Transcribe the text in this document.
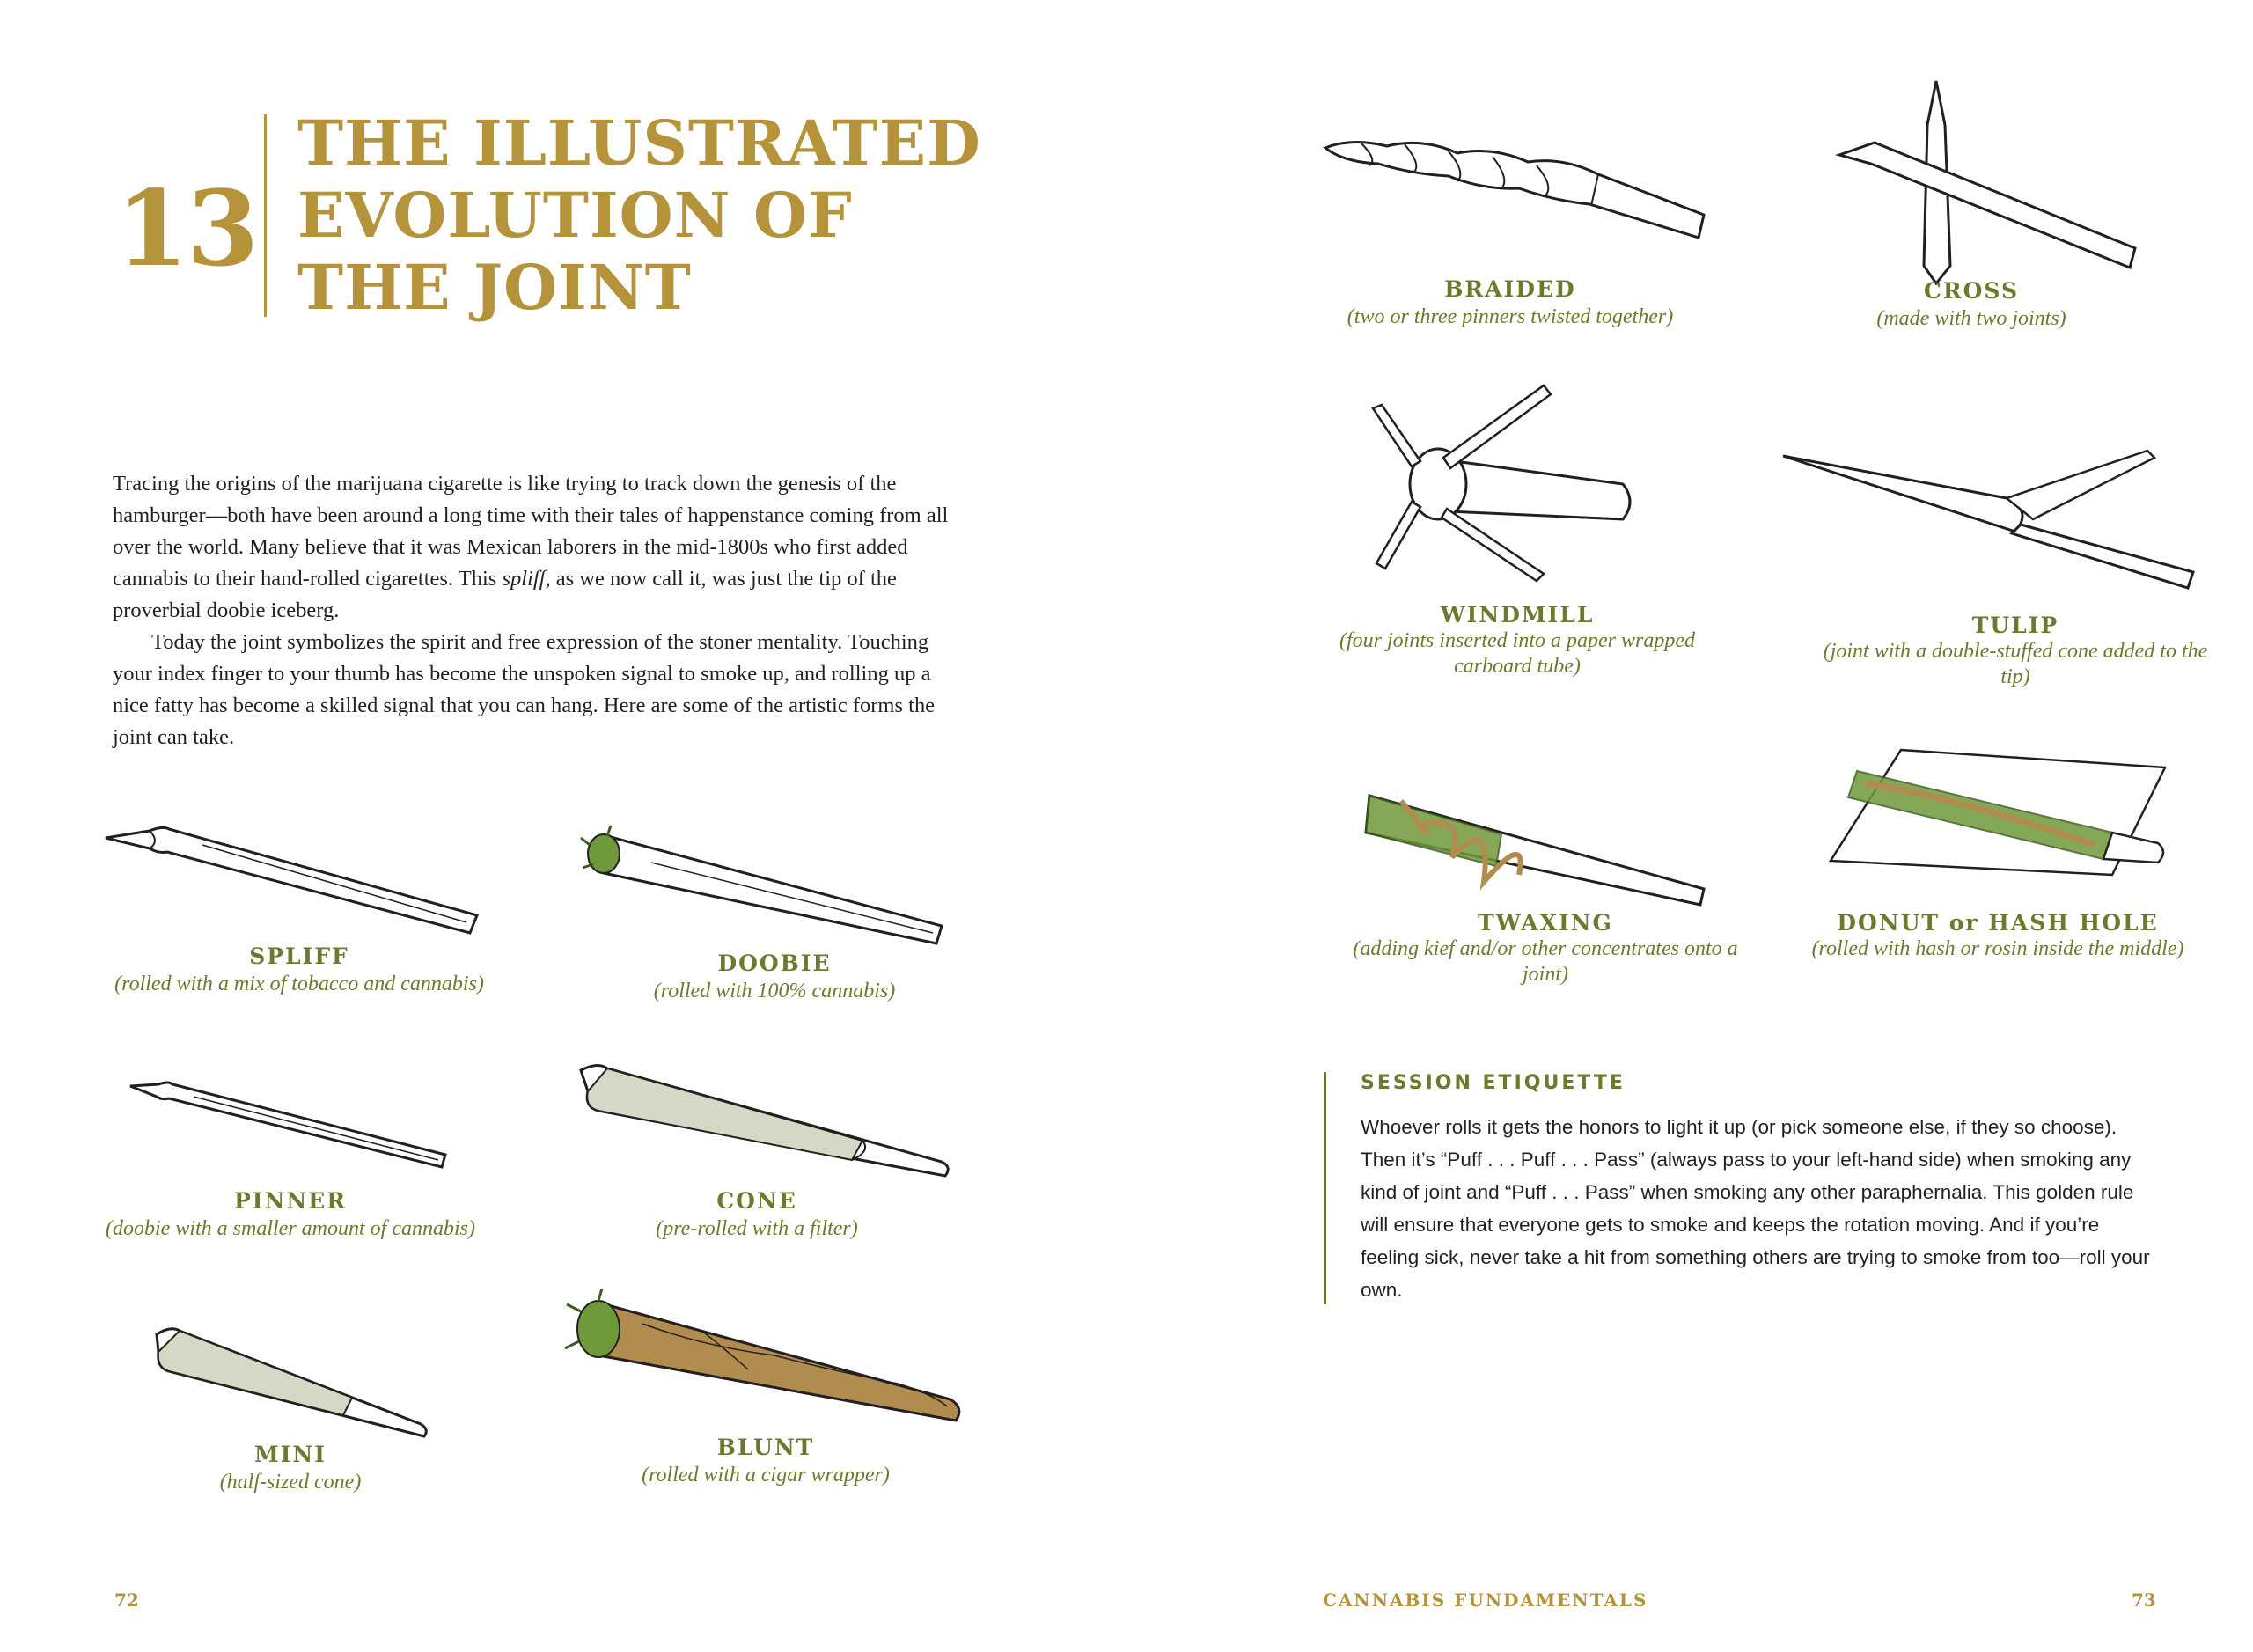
13
THE ILLUSTRATED
EVOLUTION OF
THE JOINT

Tracing the origins of the marijuana cigarette is like trying to track down the genesis of the hamburger—both have been around a long time with their tales of happenstance coming from all over the world. Many believe that it was Mexican laborers in the mid-1800s who first added cannabis to their hand-rolled cigarettes. This spliff, as we now call it, was just the tip of the proverbial doobie iceberg.

Today the joint symbolizes the spirit and free expression of the stoner mentality. Touching your index finger to your thumb has become the unspoken signal to smoke up, and rolling up a nice fatty has become a skilled signal that you can hang. Here are some of the artistic forms the joint can take.

SPLIFF
(rolled with a mix of tobacco and cannabis)
DOOBIE
(rolled with 100% cannabis)
PINNER
(doobie with a smaller amount of cannabis)
CONE
(pre-rolled with a filter)
MINI
(half-sized cone)
BLUNT
(rolled with a cigar wrapper)
72
BRAIDED
(two or three pinners twisted together)
CROSS
(made with two joints)
WINDMILL
(four joints inserted into a paper wrapped carboard tube)
TULIP
(joint with a double-stuffed cone added to the tip)
TWAXING
(adding kief and/or other concentrates onto a joint)
DONUT or HASH HOLE
(rolled with hash or rosin inside the middle)
SESSION ETIQUETTE
Whoever rolls it gets the honors to light it up (or pick someone else, if they so choose). Then it’s “Puff . . . Puff . . . Pass” (always pass to your left-hand side) when smoking any kind of joint and “Puff . . . Pass” when smoking any other paraphernalia. This golden rule will ensure that everyone gets to smoke and keeps the rotation moving. And if you’re feeling sick, never take a hit from something others are trying to smoke from too—roll your own.
CANNABIS FUNDAMENTALS	73
